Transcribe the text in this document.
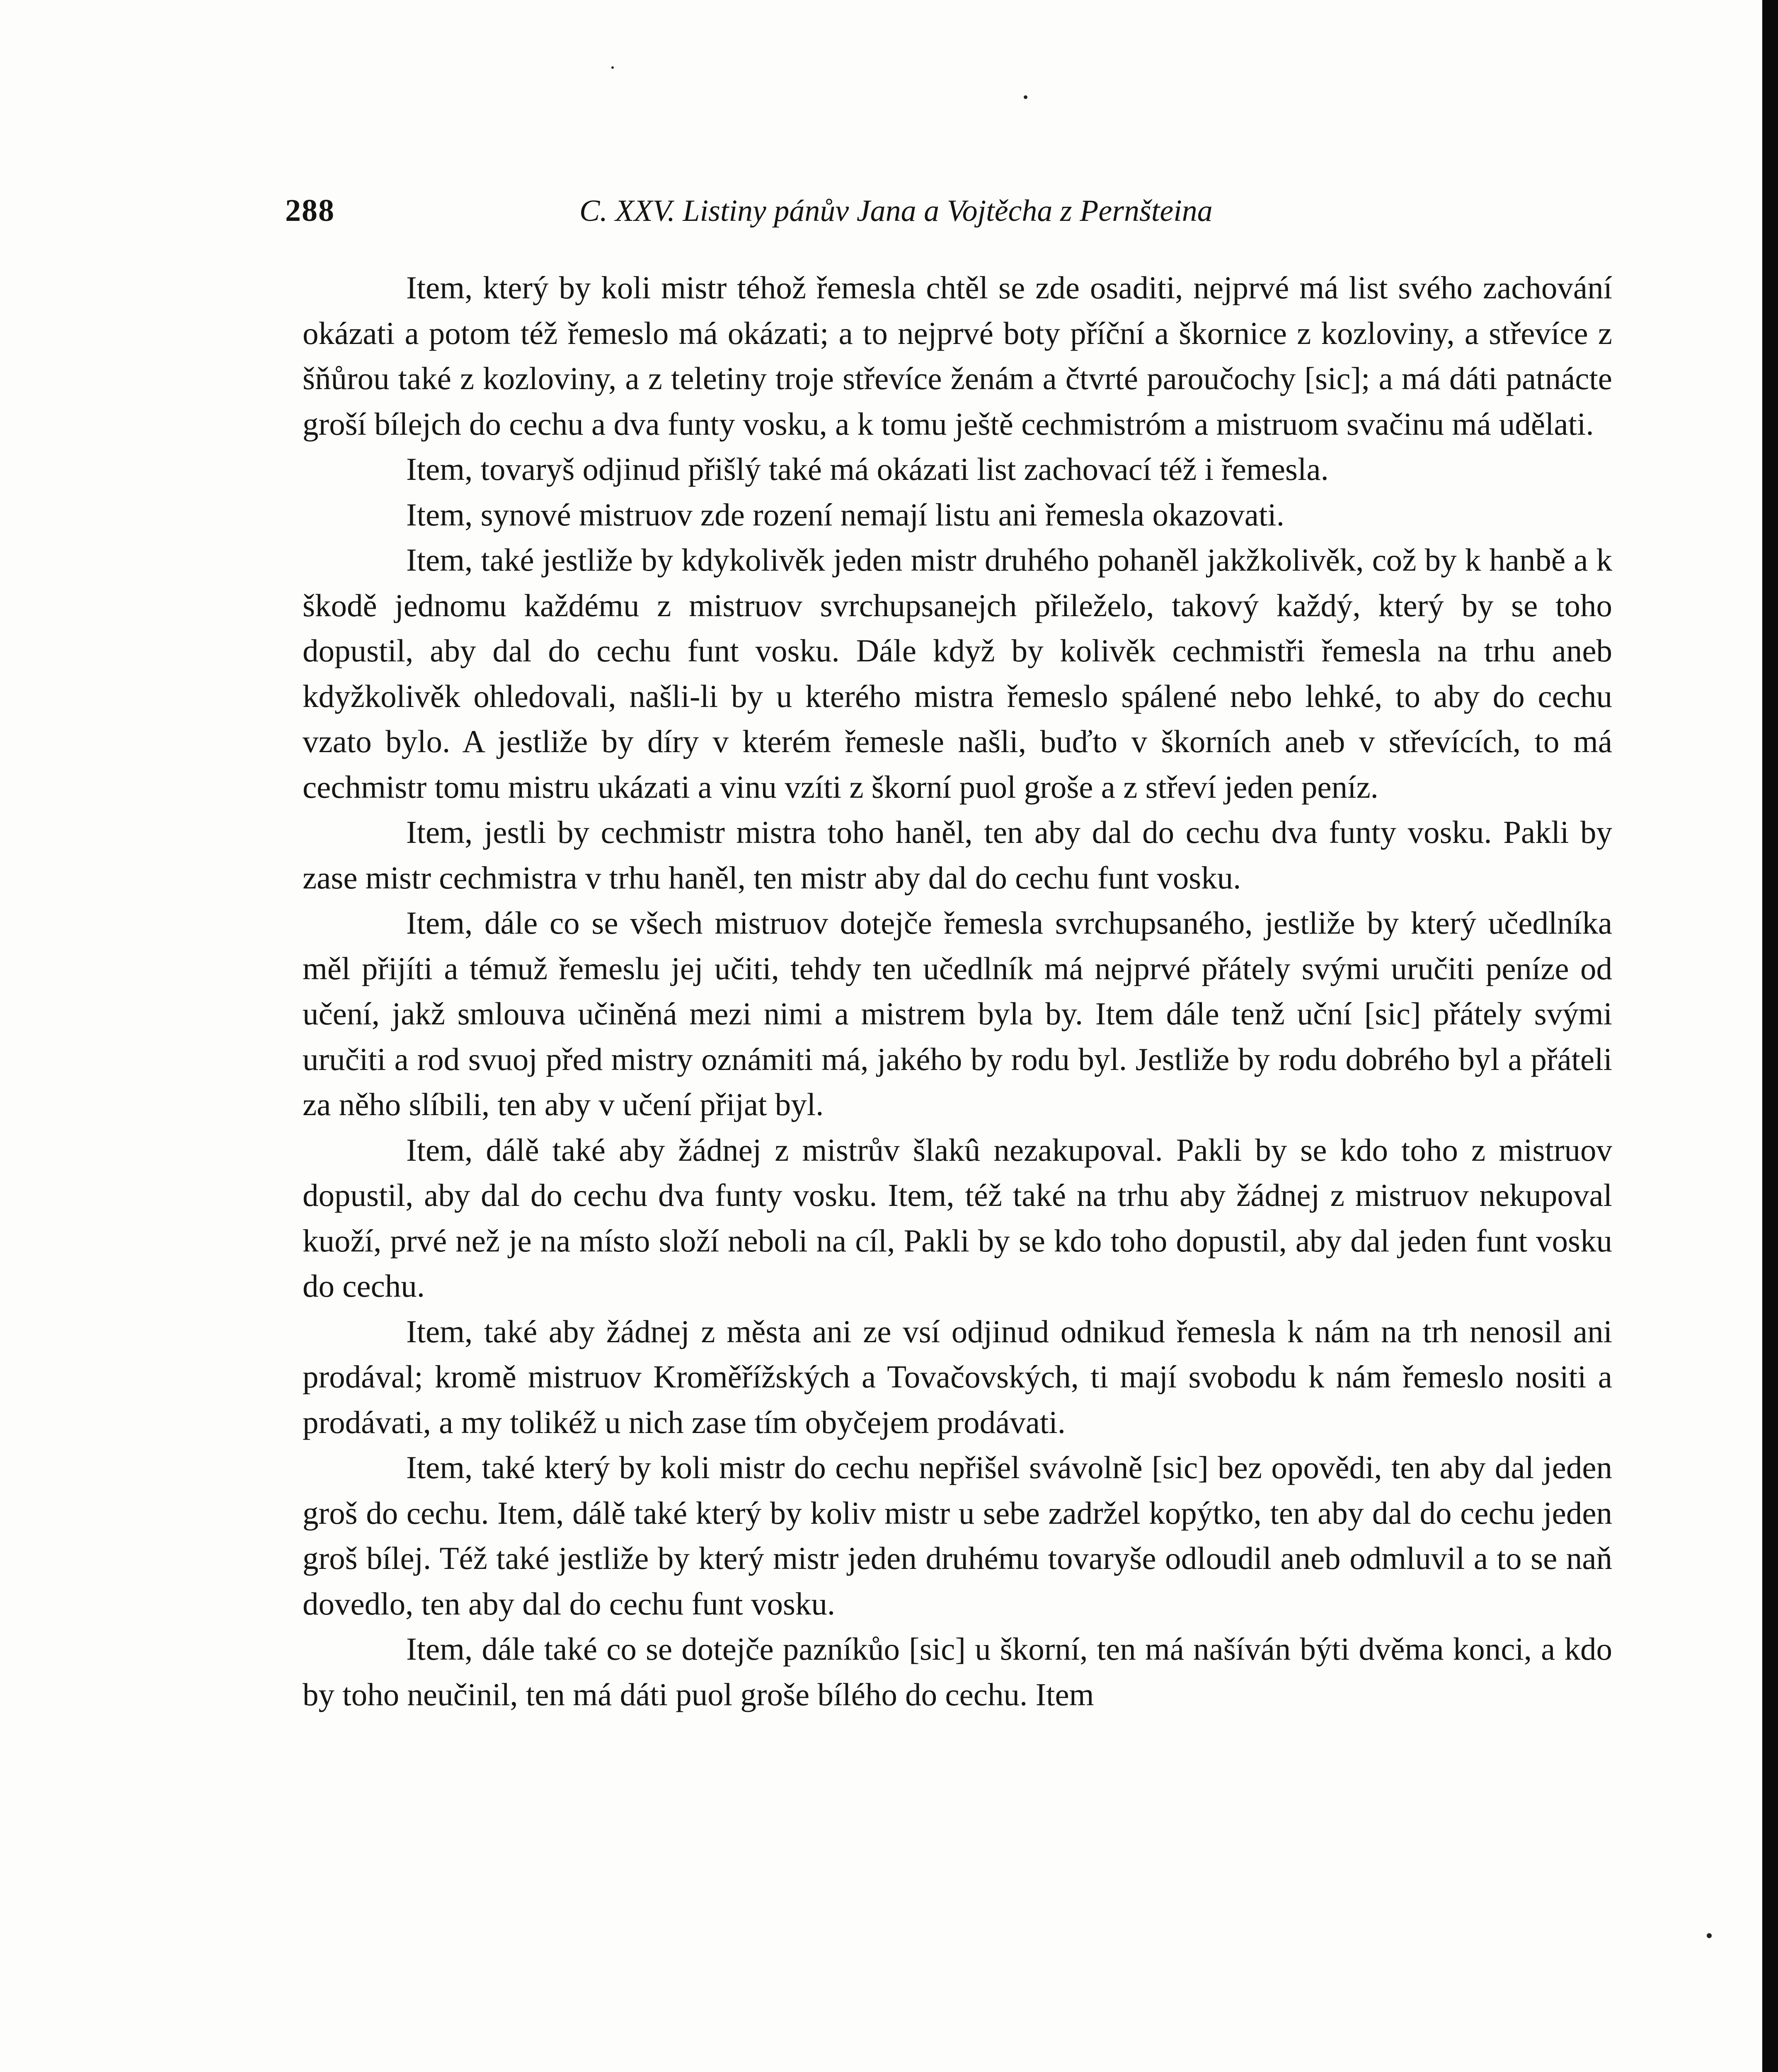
288	C. XXV. Listiny pánův Jana a Vojtěcha z Pernšteina

Item, který by koli mistr téhož řemesla chtěl se zde osaditi, nejprvé má list svého zachování okázati a potom též řemeslo má okázati; a to nejprvé boty příční a škornice z kozloviny, a střevíce z šňůrou také z kozloviny, a z teletiny troje střevíce ženám a čtvrté paroučochy [sic]; a má dáti patnácte groší bílejch do cechu a dva funty vosku, a k tomu ještě cechmistróm a mistruom svačinu má udělati.

Item, tovaryš odjinud přišlý také má okázati list zachovací též i řemesla.

Item, synové mistruov zde rození nemají listu ani řemesla okazovati.

Item, také jestliže by kdykolivěk jeden mistr druhého pohaněl jakžkolivěk, což by k hanbě a k škodě jednomu každému z mistruov svrchupsanejch přileželo, takový každý, který by se toho dopustil, aby dal do cechu funt vosku. Dále když by kolivěk cechmistři řemesla na trhu aneb kdyžkolivěk ohledovali, našli-li by u kterého mistra řemeslo spálené nebo lehké, to aby do cechu vzato bylo. A jestliže by díry v kterém řemesle našli, buďto v škorních aneb v střevících, to má cechmistr tomu mistru ukázati a vinu vzíti z škorní puol groše a z střeví jeden peníz.

Item, jestli by cechmistr mistra toho haněl, ten aby dal do cechu dva funty vosku. Pakli by zase mistr cechmistra v trhu haněl, ten mistr aby dal do cechu funt vosku.

Item, dále co se všech mistruov dotejče řemesla svrchupsaného, jestliže by který učedlníka měl přijíti a témuž řemeslu jej učiti, tehdy ten učedlník má nejprvé přátely svými uručiti peníze od učení, jakž smlouva učiněná mezi nimi a mistrem byla by. Item dále tenž uční [sic] přátely svými uručiti a rod svuoj před mistry oznámiti má, jakého by rodu byl. Jestliže by rodu dobrého byl a přáteli za něho slíbili, ten aby v učení přijat byl.

Item, dálě také aby žádnej z mistrův šlakû nezakupoval. Pakli by se kdo toho z mistruov dopustil, aby dal do cechu dva funty vosku. Item, též také na trhu aby žádnej z mistruov nekupoval kuoží, prvé než je na místo složí neboli na cíl, Pakli by se kdo toho dopustil, aby dal jeden funt vosku do cechu.

Item, také aby žádnej z města ani ze vsí odjinud odnikud řemesla k nám na trh nenosil ani prodával; kromě mistruov Kroměřížských a Tovačovských, ti mají svobodu k nám řemeslo nositi a prodávati, a my tolikéž u nich zase tím obyčejem prodávati.

Item, také který by koli mistr do cechu nepřišel svávolně [sic] bez opovědi, ten aby dal jeden groš do cechu. Item, dálě také který by koliv mistr u sebe zadržel kopýtko, ten aby dal do cechu jeden groš bílej. Též také jestliže by který mistr jeden druhému tovaryše odloudil aneb odmluvil a to se naň dovedlo, ten aby dal do cechu funt vosku.

Item, dále také co se dotejče pazníkůo [sic] u škorní, ten má našíván býti dvěma konci, a kdo by toho neučinil, ten má dáti puol groše bílého do cechu. Item
